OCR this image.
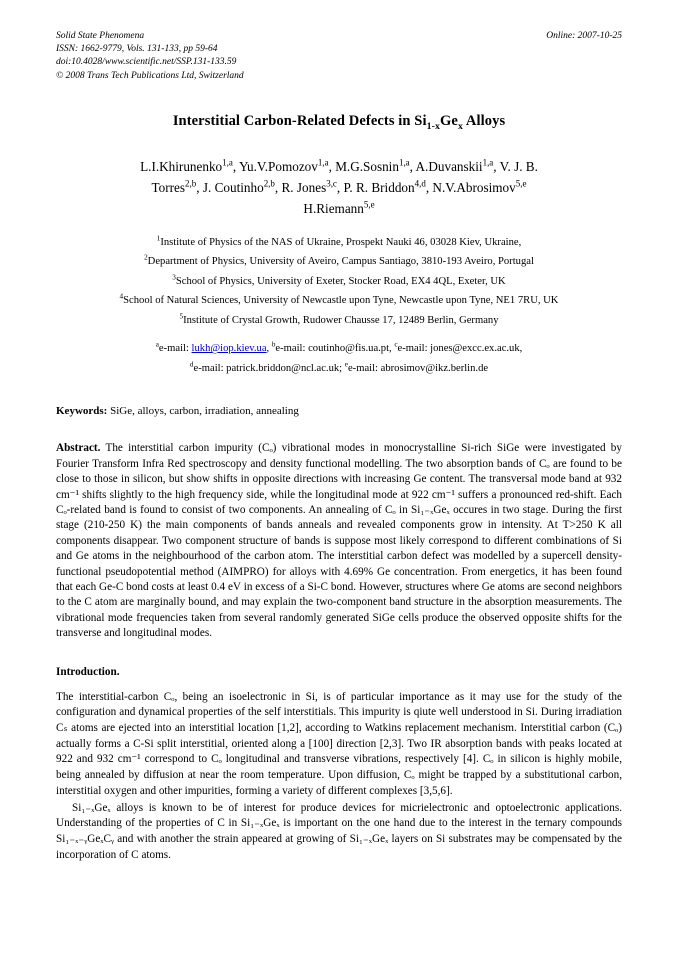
Solid State Phenomena
ISSN: 1662-9779, Vols. 131-133, pp 59-64
doi:10.4028/www.scientific.net/SSP.131-133.59
© 2008 Trans Tech Publications Ltd, Switzerland
Online: 2007-10-25
Interstitial Carbon-Related Defects in $Si_{1-x}Ge_x$ Alloys
L.I.Khirunenko$^{1,a}$, Yu.V.Pomozov$^{1,a}$, M.G.Sosnin$^{1,a}$, A.Duvanskii$^{1,a}$, V. J. B.
Torres$^{2,b}$, J. Coutinho$^{2,b}$, R. Jones$^{3,c}$, P. R. Briddon$^{4,d}$, N.V.Abrosimov$^{5,e}$
H.Riemann$^{5,e}$
$^1$Institute of Physics of the NAS of Ukraine, Prospekt Nauki 46, 03028 Kiev, Ukraine,
$^2$Department of Physics, University of Aveiro, Campus Santiago, 3810-193 Aveiro, Portugal
$^3$School of Physics, University of Exeter, Stocker Road, EX4 4QL, Exeter, UK
$^4$School of Natural Sciences, University of Newcastle upon Tyne, Newcastle upon Tyne, NE1 7RU, UK
$^5$Institute of Crystal Growth, Rudower Chausse 17, 12489 Berlin, Germany
$^a$e-mail: lukh@iop.kiev.ua, $^b$e-mail: coutinho@fis.ua.pt, $^c$e-mail: jones@excc.ex.ac.uk,
$^d$e-mail: patrick.briddon@ncl.ac.uk; $^e$e-mail: abrosimov@ikz.berlin.de
Keywords: SiGe, alloys, carbon, irradiation, annealing
Abstract. The interstitial carbon impurity (Cₒ) vibrational modes in monocrystalline Si-rich SiGe were investigated by Fourier Transform Infra Red spectroscopy and density functional modelling. The two absorption bands of Cₒ are found to be close to those in silicon, but show shifts in opposite directions with increasing Ge content. The transversal mode band at 932 cm⁻¹ shifts slightly to the high frequency side, while the longitudinal mode at 922 cm⁻¹ suffers a pronounced red-shift. Each Cₒ-related band is found to consist of two components. An annealing of Cₒ in Si₁₋ₓGeₓ occures in two stage. During the first stage (210-250 K) the main components of bands anneals and revealed components grow in intensity. At T>250 K all components disappear. Two component structure of bands is suppose most likely correspond to different combinations of Si and Ge atoms in the neighbourhood of the carbon atom. The interstitial carbon defect was modelled by a supercell density-functional pseudopotential method (AIMPRO) for alloys with 4.69% Ge concentration. From energetics, it has been found that each Ge-C bond costs at least 0.4 eV in excess of a Si-C bond. However, structures where Ge atoms are second neighbors to the C atom are marginally bound, and may explain the two-component band structure in the absorption measurements. The vibrational mode frequencies taken from several randomly generated SiGe cells produce the observed opposite shifts for the transverse and longitudinal modes.
Introduction.
The interstitial-carbon Cₒ, being an isoelectronic in Si, is of particular importance as it may use for the study of the configuration and dynamical properties of the self interstitials. This impurity is qiute well understood in Si. During irradiation Cₛ atoms are ejected into an interstitial location [1,2], according to Watkins replacement mechanism. Interstitial carbon (Cₒ) actually forms a C-Si split interstitial, oriented along a [100] direction [2,3]. Two IR absorption bands with peaks located at 922 and 932 cm⁻¹ correspond to Cₒ longitudinal and transverse vibrations, respectively [4]. Cₒ in silicon is highly mobile, being annealed by diffusion at near the room temperature. Upon diffusion, Cₒ might be trapped by a substitutional carbon, interstitial oxygen and other impurities, forming a variety of different complexes [3,5,6].
Si₁₋ₓGeₓ alloys is known to be of interest for produce devices for micrielectronic and optoelectronic applications. Understanding of the properties of C in Si₁₋ₓGeₓ is important on the one hand due to the interest in the ternary compounds Si₁₋ₓ₋ᵧGeₓCᵧ and with another the strain appeared at growing of Si₁₋ₓGeₓ layers on Si substrates may be compensated by the incorporation of C atoms.
